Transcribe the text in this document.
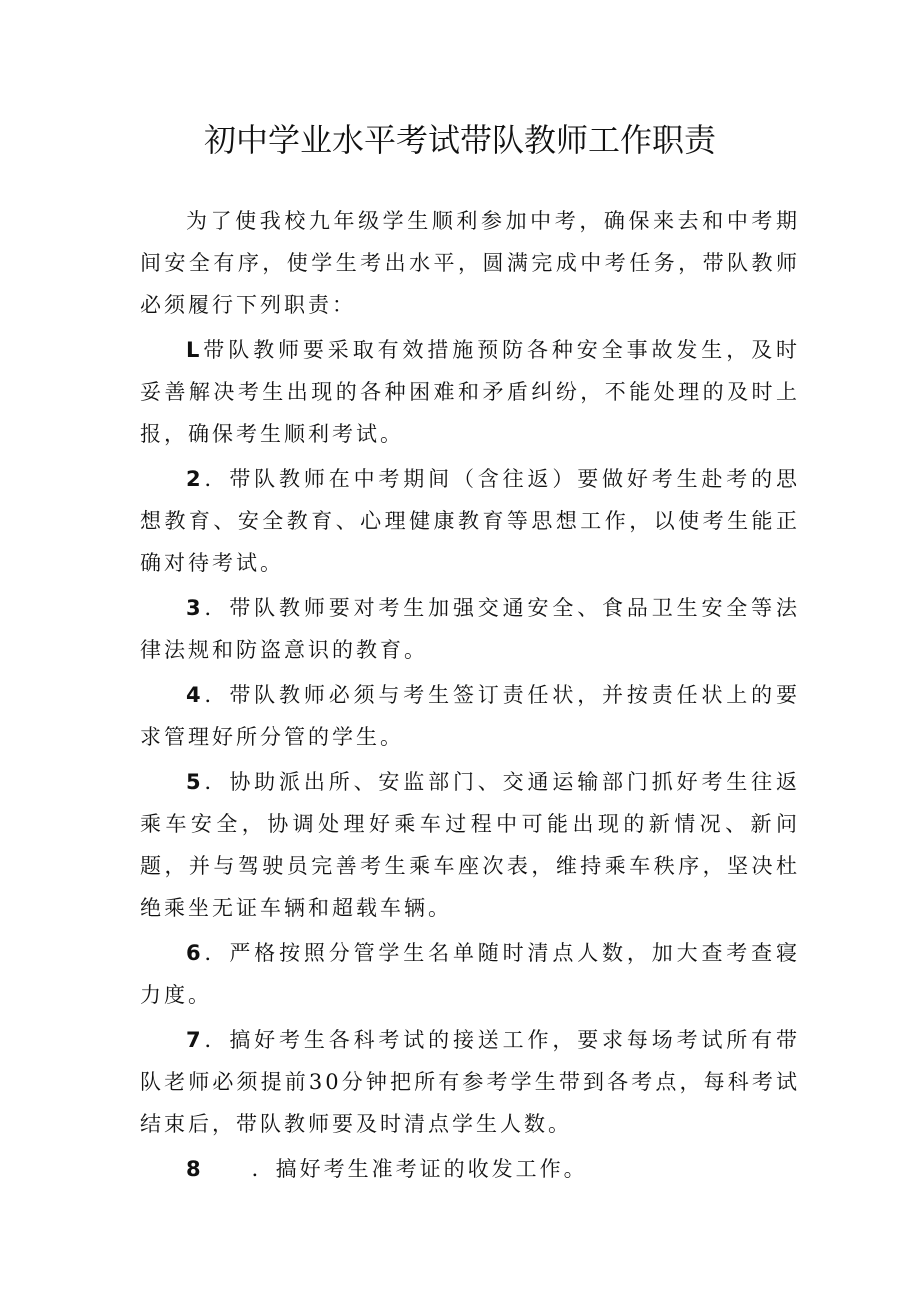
初中学业水平考试带队教师工作职责

为了使我校九年级学生顺利参加中考，确保来去和中考期间安全有序，使学生考出水平，圆满完成中考任务，带队教师必须履行下列职责：

L带队教师要采取有效措施预防各种安全事故发生，及时妥善解决考生出现的各种困难和矛盾纠纷，不能处理的及时上报，确保考生顺利考试。

2．带队教师在中考期间（含往返）要做好考生赴考的思想教育、安全教育、心理健康教育等思想工作，以使考生能正确对待考试。

3．带队教师要对考生加强交通安全、食品卫生安全等法律法规和防盗意识的教育。

4．带队教师必须与考生签订责任状，并按责任状上的要求管理好所分管的学生。

5．协助派出所、安监部门、交通运输部门抓好考生往返乘车安全，协调处理好乘车过程中可能出现的新情况、新问题，并与驾驶员完善考生乘车座次表，维持乘车秩序，坚决杜绝乘坐无证车辆和超载车辆。

6．严格按照分管学生名单随时清点人数，加大查考查寝力度。

7．搞好考生各科考试的接送工作，要求每场考试所有带队老师必须提前30分钟把所有参考学生带到各考点，每科考试结束后，带队教师要及时清点学生人数。

8 ．搞好考生准考证的收发工作。
